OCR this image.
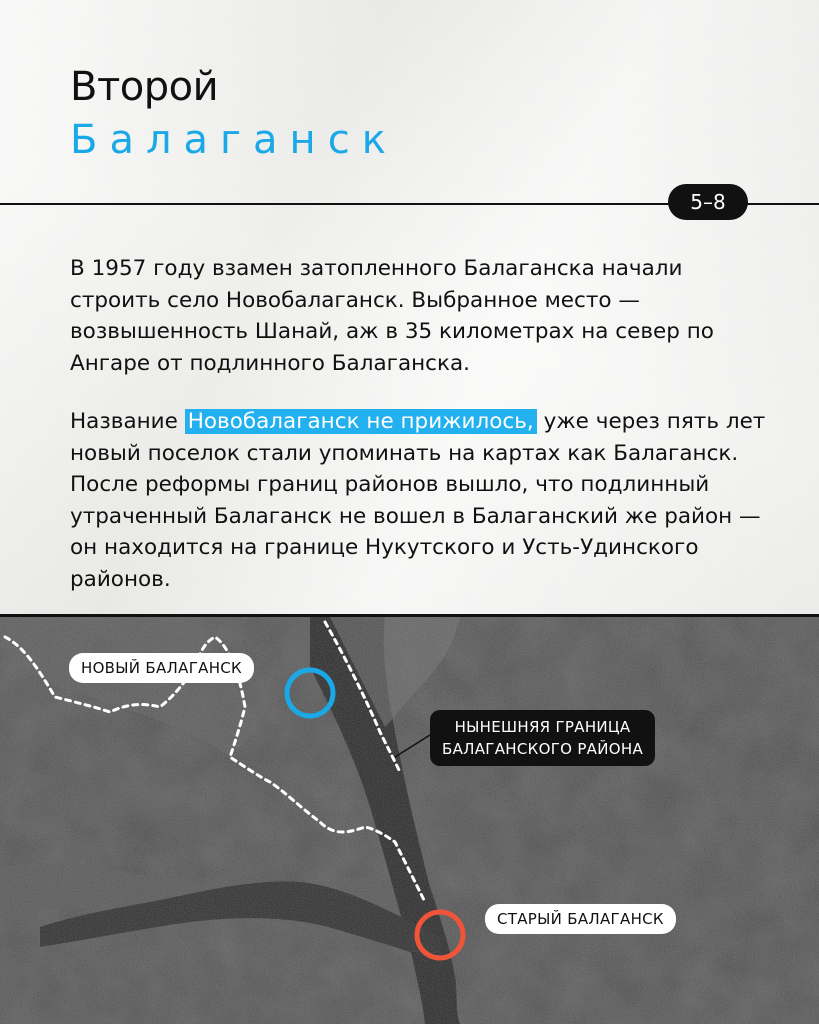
Второй
Балаганск
5–8

В 1957 году взамен затопленного Балаганска начали строить село Новобалаганск. Выбранное место — возвышенность Шанай, аж в 35 километрах на север по Ангаре от подлинного Балаганска.

Название Новобалаганск не прижилось, уже через пять лет новый поселок стали упоминать на картах как Балаганск. После реформы границ районов вышло, что подлинный утраченный Балаганск не вошел в Балаганский же район — он находится на границе Нукутского и Усть-Удинского районов.

НОВЫЙ БАЛАГАНСК
НЫНЕШНЯЯ ГРАНИЦА
БАЛАГАНСКОГО РАЙОНА
СТАРЫЙ БАЛАГАНСК
